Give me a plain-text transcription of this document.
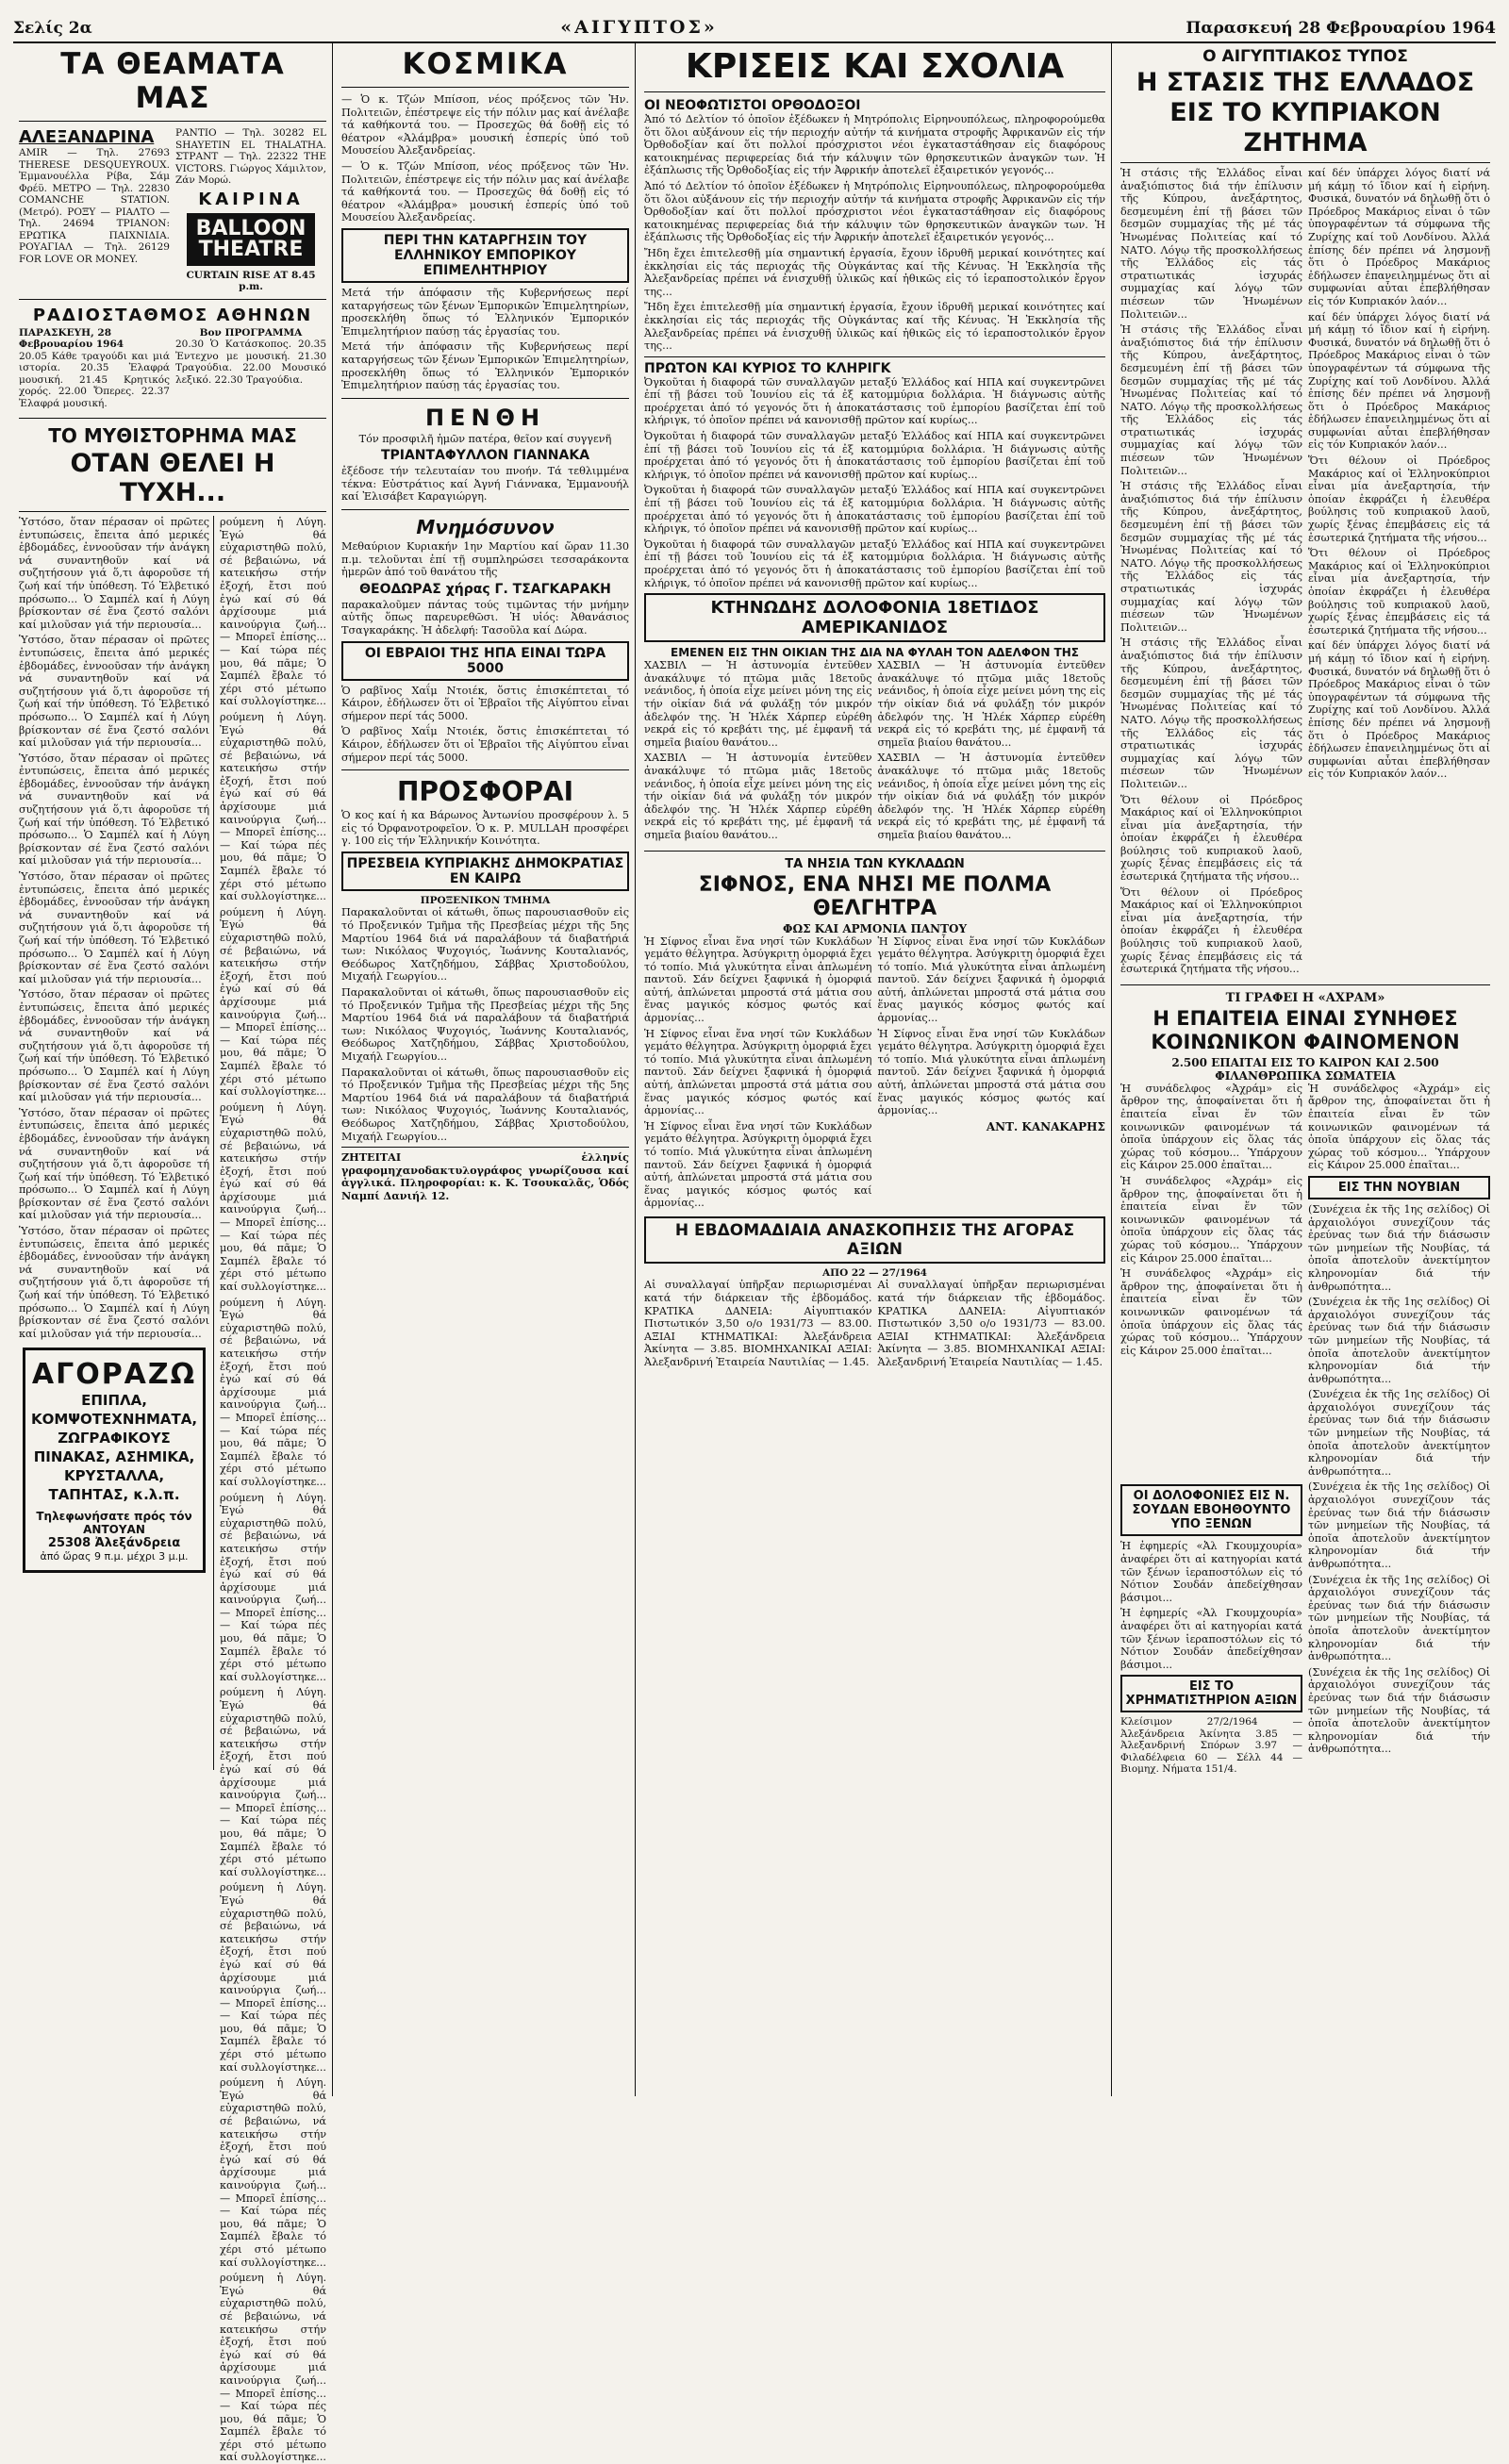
Σελίς 2α	«ΑΙΓΥΠΤΟΣ»	Παρασκευή 28 Φεβρουαρίου 1964
ΤΑ ΘΕΑΜΑΤΑ ΜΑΣ
ΑΛΕΞΑΝΔΡΙΝΑ

AMIR — Τηλ. 27693 THERESE DESQUEYROUX. Ἐμμανουέλλα Ρίβα, Σάμ Φρέϋ. ΜΕΤΡΟ — Τηλ. 22830 COMANCHE STATION. (Μετρό). ΡΟΞΥ — ΡΙΑΛΤΟ — Τηλ. 24694 ΤΡΙΑΝΟΝ: ΕΡΩΤΙΚΑ ΠΑΙΧΝΙΔΙΑ. ΡΟΥΑΓΙΑΛ — Τηλ. 26129 FOR LOVE OR MONEY.

ΡΑΝΤΙΟ — Τηλ. 30282 EL SHAYETIN EL THALATHA. ΣΤΡΑΝΤ — Τηλ. 22322 THE VICTORS. Γιώργος Χάμιλτον, Ζάν Μορώ.

ΚΑΙΡΙΝΑ
BALLOON THEATRE
CURTAIN RISE AT 8.45 p.m.
ΡΑΔΙΟΣΤΑΘΜΟΣ ΑΘΗΝΩΝ
ΠΑΡΑΣΚΕΥΗ, 28 Φεβρουαρίου 1964

20.05 Κάθε τραγούδι και μιά ιστορία. 20.35 Ἐλαφρά μουσική. 21.45 Κρητικός χορός. 22.00 Ὄπερες. 22.37 Ἐλαφρά μουσική.

Βον ΠΡΟΓΡΑΜΜΑ

20.30 Ὁ Κατάσκοπος. 20.35 Ἐντεχνο με μουσική. 21.30 Τραγούδια. 22.00 Μουσικό λεξικό. 22.30 Τραγούδια.

ΤΟ ΜΥΘΙΣΤΟΡΗΜΑ ΜΑΣ
ΟΤΑΝ ΘΕΛΕΙ Η ΤΥΧΗ...

Ὑστόσο, ὅταν πέρασαν οἱ πρῶτες ἐντυπώσεις, ἔπειτα ἀπό μερικές ἑβδομάδες, ἐννοοῦσαν τήν ἀνάγκη νά συναντηθοῦν καί νά συζητήσουν γιά ὅ,τι ἀφοροῦσε τή ζωή καί τήν ὑπόθεση. Τό Ἐλβετικό πρόσωπο... Ὁ Σαμπέλ καί ἡ Λύγη βρίσκονταν σέ ἕνα ζεστό σαλόνι καί μιλοῦσαν γιά τήν περιουσία...

Ὑστόσο, ὅταν πέρασαν οἱ πρῶτες ἐντυπώσεις, ἔπειτα ἀπό μερικές ἑβδομάδες, ἐννοοῦσαν τήν ἀνάγκη νά συναντηθοῦν καί νά συζητήσουν γιά ὅ,τι ἀφοροῦσε τή ζωή καί τήν ὑπόθεση. Τό Ἐλβετικό πρόσωπο... Ὁ Σαμπέλ καί ἡ Λύγη βρίσκονταν σέ ἕνα ζεστό σαλόνι καί μιλοῦσαν γιά τήν περιουσία...

Ὑστόσο, ὅταν πέρασαν οἱ πρῶτες ἐντυπώσεις, ἔπειτα ἀπό μερικές ἑβδομάδες, ἐννοοῦσαν τήν ἀνάγκη νά συναντηθοῦν καί νά συζητήσουν γιά ὅ,τι ἀφοροῦσε τή ζωή καί τήν ὑπόθεση. Τό Ἐλβετικό πρόσωπο... Ὁ Σαμπέλ καί ἡ Λύγη βρίσκονταν σέ ἕνα ζεστό σαλόνι καί μιλοῦσαν γιά τήν περιουσία...

Ὑστόσο, ὅταν πέρασαν οἱ πρῶτες ἐντυπώσεις, ἔπειτα ἀπό μερικές ἑβδομάδες, ἐννοοῦσαν τήν ἀνάγκη νά συναντηθοῦν καί νά συζητήσουν γιά ὅ,τι ἀφοροῦσε τή ζωή καί τήν ὑπόθεση. Τό Ἐλβετικό πρόσωπο... Ὁ Σαμπέλ καί ἡ Λύγη βρίσκονταν σέ ἕνα ζεστό σαλόνι καί μιλοῦσαν γιά τήν περιουσία...

Ὑστόσο, ὅταν πέρασαν οἱ πρῶτες ἐντυπώσεις, ἔπειτα ἀπό μερικές ἑβδομάδες, ἐννοοῦσαν τήν ἀνάγκη νά συναντηθοῦν καί νά συζητήσουν γιά ὅ,τι ἀφοροῦσε τή ζωή καί τήν ὑπόθεση. Τό Ἐλβετικό πρόσωπο... Ὁ Σαμπέλ καί ἡ Λύγη βρίσκονταν σέ ἕνα ζεστό σαλόνι καί μιλοῦσαν γιά τήν περιουσία...

Ὑστόσο, ὅταν πέρασαν οἱ πρῶτες ἐντυπώσεις, ἔπειτα ἀπό μερικές ἑβδομάδες, ἐννοοῦσαν τήν ἀνάγκη νά συναντηθοῦν καί νά συζητήσουν γιά ὅ,τι ἀφοροῦσε τή ζωή καί τήν ὑπόθεση. Τό Ἐλβετικό πρόσωπο... Ὁ Σαμπέλ καί ἡ Λύγη βρίσκονταν σέ ἕνα ζεστό σαλόνι καί μιλοῦσαν γιά τήν περιουσία...

Ὑστόσο, ὅταν πέρασαν οἱ πρῶτες ἐντυπώσεις, ἔπειτα ἀπό μερικές ἑβδομάδες, ἐννοοῦσαν τήν ἀνάγκη νά συναντηθοῦν καί νά συζητήσουν γιά ὅ,τι ἀφοροῦσε τή ζωή καί τήν ὑπόθεση. Τό Ἐλβετικό πρόσωπο... Ὁ Σαμπέλ καί ἡ Λύγη βρίσκονταν σέ ἕνα ζεστό σαλόνι καί μιλοῦσαν γιά τήν περιουσία...

ΑΓΟΡΑΖΩ
ΕΠΙΠΛΑ, ΚΟΜΨΟΤΕΧΝΗΜΑΤΑ, ΖΩΓΡΑΦΙΚΟΥΣ ΠΙΝΑΚΑΣ, ΑΣΗΜΙΚΑ, ΚΡΥΣΤΑΛΛΑ, ΤΑΠΗΤΑΣ, κ.λ.π.
Τηλεφωνήσατε πρός τόν ΑΝΤΟΥΑΝ
25308 Ἀλεξάνδρεια
ἀπό ὥρας 9 π.μ. μέχρι 3 μ.μ.

ρούμενη ἡ Λύγη. Ἐγώ θά εὐχαριστηθῶ πολύ, σέ βεβαιώνω, νά κατεικήσω στήν ἐξοχή, ἔτσι πού ἐγώ καί σύ θά ἀρχίσουμε μιά καινούργια ζωή... — Μπορεῖ ἐπίσης... — Καί τώρα πές μου, θά πᾶμε; Ὁ Σαμπέλ ἔβαλε τό χέρι στό μέτωπο καί συλλογίστηκε...

ρούμενη ἡ Λύγη. Ἐγώ θά εὐχαριστηθῶ πολύ, σέ βεβαιώνω, νά κατεικήσω στήν ἐξοχή, ἔτσι πού ἐγώ καί σύ θά ἀρχίσουμε μιά καινούργια ζωή... — Μπορεῖ ἐπίσης... — Καί τώρα πές μου, θά πᾶμε; Ὁ Σαμπέλ ἔβαλε τό χέρι στό μέτωπο καί συλλογίστηκε...

ρούμενη ἡ Λύγη. Ἐγώ θά εὐχαριστηθῶ πολύ, σέ βεβαιώνω, νά κατεικήσω στήν ἐξοχή, ἔτσι πού ἐγώ καί σύ θά ἀρχίσουμε μιά καινούργια ζωή... — Μπορεῖ ἐπίσης... — Καί τώρα πές μου, θά πᾶμε; Ὁ Σαμπέλ ἔβαλε τό χέρι στό μέτωπο καί συλλογίστηκε...

ρούμενη ἡ Λύγη. Ἐγώ θά εὐχαριστηθῶ πολύ, σέ βεβαιώνω, νά κατεικήσω στήν ἐξοχή, ἔτσι πού ἐγώ καί σύ θά ἀρχίσουμε μιά καινούργια ζωή... — Μπορεῖ ἐπίσης... — Καί τώρα πές μου, θά πᾶμε; Ὁ Σαμπέλ ἔβαλε τό χέρι στό μέτωπο καί συλλογίστηκε...

ρούμενη ἡ Λύγη. Ἐγώ θά εὐχαριστηθῶ πολύ, σέ βεβαιώνω, νά κατεικήσω στήν ἐξοχή, ἔτσι πού ἐγώ καί σύ θά ἀρχίσουμε μιά καινούργια ζωή... — Μπορεῖ ἐπίσης... — Καί τώρα πές μου, θά πᾶμε; Ὁ Σαμπέλ ἔβαλε τό χέρι στό μέτωπο καί συλλογίστηκε...

ρούμενη ἡ Λύγη. Ἐγώ θά εὐχαριστηθῶ πολύ, σέ βεβαιώνω, νά κατεικήσω στήν ἐξοχή, ἔτσι πού ἐγώ καί σύ θά ἀρχίσουμε μιά καινούργια ζωή... — Μπορεῖ ἐπίσης... — Καί τώρα πές μου, θά πᾶμε; Ὁ Σαμπέλ ἔβαλε τό χέρι στό μέτωπο καί συλλογίστηκε...

ρούμενη ἡ Λύγη. Ἐγώ θά εὐχαριστηθῶ πολύ, σέ βεβαιώνω, νά κατεικήσω στήν ἐξοχή, ἔτσι πού ἐγώ καί σύ θά ἀρχίσουμε μιά καινούργια ζωή... — Μπορεῖ ἐπίσης... — Καί τώρα πές μου, θά πᾶμε; Ὁ Σαμπέλ ἔβαλε τό χέρι στό μέτωπο καί συλλογίστηκε...

ρούμενη ἡ Λύγη. Ἐγώ θά εὐχαριστηθῶ πολύ, σέ βεβαιώνω, νά κατεικήσω στήν ἐξοχή, ἔτσι πού ἐγώ καί σύ θά ἀρχίσουμε μιά καινούργια ζωή... — Μπορεῖ ἐπίσης... — Καί τώρα πές μου, θά πᾶμε; Ὁ Σαμπέλ ἔβαλε τό χέρι στό μέτωπο καί συλλογίστηκε...

ρούμενη ἡ Λύγη. Ἐγώ θά εὐχαριστηθῶ πολύ, σέ βεβαιώνω, νά κατεικήσω στήν ἐξοχή, ἔτσι πού ἐγώ καί σύ θά ἀρχίσουμε μιά καινούργια ζωή... — Μπορεῖ ἐπίσης... — Καί τώρα πές μου, θά πᾶμε; Ὁ Σαμπέλ ἔβαλε τό χέρι στό μέτωπο καί συλλογίστηκε...

ρούμενη ἡ Λύγη. Ἐγώ θά εὐχαριστηθῶ πολύ, σέ βεβαιώνω, νά κατεικήσω στήν ἐξοχή, ἔτσι πού ἐγώ καί σύ θά ἀρχίσουμε μιά καινούργια ζωή... — Μπορεῖ ἐπίσης... — Καί τώρα πές μου, θά πᾶμε; Ὁ Σαμπέλ ἔβαλε τό χέρι στό μέτωπο καί συλλογίστηκε...

ΚΟΣΜΙΚΑ

— Ὁ κ. Τζών Μπίσοπ, νέος πρόξενος τῶν Ἡν. Πολιτειῶν, ἐπέστρεψε εἰς τήν πόλιν μας καί ἀνέλαβε τά καθήκοντά του. — Προσεχῶς θά δοθῇ εἰς τό θέατρον «Ἀλάμβρα» μουσική ἑσπερίς ὑπό τοῦ Μουσείου Ἀλεξανδρείας.

— Ὁ κ. Τζών Μπίσοπ, νέος πρόξενος τῶν Ἡν. Πολιτειῶν, ἐπέστρεψε εἰς τήν πόλιν μας καί ἀνέλαβε τά καθήκοντά του. — Προσεχῶς θά δοθῇ εἰς τό θέατρον «Ἀλάμβρα» μουσική ἑσπερίς ὑπό τοῦ Μουσείου Ἀλεξανδρείας.

ΠΕΡΙ ΤΗΝ ΚΑΤΑΡΓΗΣΙΝ ΤΟΥ ΕΛΛΗΝΙΚΟΥ ΕΜΠΟΡΙΚΟΥ ΕΠΙΜΕΛΗΤΗΡΙΟΥ

Μετά τήν ἀπόφασιν τῆς Κυβερνήσεως περί καταργήσεως τῶν ξένων Ἐμπορικῶν Ἐπιμελητηρίων, προσεκλήθη ὅπως τό Ἑλληνικόν Ἐμπορικόν Ἐπιμελητήριον παύσῃ τάς ἐργασίας του.

Μετά τήν ἀπόφασιν τῆς Κυβερνήσεως περί καταργήσεως τῶν ξένων Ἐμπορικῶν Ἐπιμελητηρίων, προσεκλήθη ὅπως τό Ἑλληνικόν Ἐμπορικόν Ἐπιμελητήριον παύσῃ τάς ἐργασίας του.

ΠΕΝΘΗ

Τόν προσφιλῆ ἡμῶν πατέρα, θεῖον καί συγγενῆ

ΤΡΙΑΝΤΑΦΥΛΛΟΝ ΓΙΑΝΝΑΚΑ

ἐξέδοσε τήν τελευταίαν του πνοήν. Τά τεθλιμμένα τέκνα: Εὐστράτιος καί Ἀγνή Γιάννακα, Ἐμμανουήλ καί Ἐλισάβετ Καραγιώργη.

Μνημόσυνον

Μεθαύριον Κυριακήν 1ην Μαρτίου καί ὥραν 11.30 π.μ. τελοῦνται ἐπί τῇ συμπληρώσει τεσσαράκοντα ἡμερῶν ἀπό τοῦ θανάτου τῆς

ΘΕΟΔΩΡΑΣ χήρας Γ. ΤΣΑΓΚΑΡΑΚΗ

παρακαλοῦμεν πάντας τούς τιμῶντας τήν μνήμην αὐτῆς ὅπως παρευρεθῶσι. Ἡ υἱός: Ἀθανάσιος Τσαγκαράκης. Ἡ ἀδελφή: Τασοῦλα καί Δώρα.

ΟΙ ΕΒΡΑΙΟΙ ΤΗΣ ΗΠΑ ΕΙΝΑΙ ΤΩΡΑ 5000

Ὁ ραβῖνος Χαΐμ Ντοιέκ, ὅστις ἐπισκέπτεται τό Κάιρον, ἐδήλωσεν ὅτι οἱ Ἑβραῖοι τῆς Αἰγύπτου εἶναι σήμερον περί τάς 5000.

Ὁ ραβῖνος Χαΐμ Ντοιέκ, ὅστις ἐπισκέπτεται τό Κάιρον, ἐδήλωσεν ὅτι οἱ Ἑβραῖοι τῆς Αἰγύπτου εἶναι σήμερον περί τάς 5000.

ΠΡΟΣΦΟΡΑΙ

Ὁ κος καί ἡ κα Βάρωνος Ἀντωνίου προσφέρουν λ. 5 εἰς τό Ὀρφανοτροφεῖον. Ὁ κ. Ρ. MULLAH προσφέρει γ. 100 εἰς τήν Ἑλληνικήν Κοινότητα.

ΠΡΕΣΒΕΙΑ ΚΥΠΡΙΑΚΗΣ ΔΗΜΟΚΡΑΤΙΑΣ ΕΝ ΚΑΙΡΩ
ΠΡΟΞΕΝΙΚΟΝ ΤΜΗΜΑ

Παρακαλοῦνται οἱ κάτωθι, ὅπως παρουσιασθοῦν εἰς τό Προξενικόν Τμῆμα τῆς Πρεσβείας μέχρι τῆς 5ης Μαρτίου 1964 διά νά παραλάβουν τά διαβατήριά των: Νικόλαος Ψυχογιός, Ἰωάννης Κουταλιανός, Θεόδωρος Χατζηδήμου, Σάββας Χριστοδούλου, Μιχαήλ Γεωργίου...

Παρακαλοῦνται οἱ κάτωθι, ὅπως παρουσιασθοῦν εἰς τό Προξενικόν Τμῆμα τῆς Πρεσβείας μέχρι τῆς 5ης Μαρτίου 1964 διά νά παραλάβουν τά διαβατήριά των: Νικόλαος Ψυχογιός, Ἰωάννης Κουταλιανός, Θεόδωρος Χατζηδήμου, Σάββας Χριστοδούλου, Μιχαήλ Γεωργίου...

Παρακαλοῦνται οἱ κάτωθι, ὅπως παρουσιασθοῦν εἰς τό Προξενικόν Τμῆμα τῆς Πρεσβείας μέχρι τῆς 5ης Μαρτίου 1964 διά νά παραλάβουν τά διαβατήριά των: Νικόλαος Ψυχογιός, Ἰωάννης Κουταλιανός, Θεόδωρος Χατζηδήμου, Σάββας Χριστοδούλου, Μιχαήλ Γεωργίου...

ΖΗΤΕΙΤΑΙ ἑλληνίς γραφομηχανοδακτυλογράφος γνωρίζουσα καί ἀγγλικά. Πληροφορίαι: κ. Κ. Τσουκαλᾶς, Ὁδός Ναμπί Δανιήλ 12.

ΚΡΙΣΕΙΣ ΚΑΙ ΣΧΟΛΙΑ
ΟΙ ΝΕΟΦΩΤΙΣΤΟΙ ΟΡΘΟΔΟΞΟΙ

Ἀπό τό Δελτίον τό ὁποῖον ἐξέδωκεν ἡ Μητρόπολις Εἰρηνουπόλεως, πληροφορούμεθα ὅτι ὅλοι αὐξάνουν εἰς τήν περιοχήν αὐτήν τά κινήματα στροφῆς Ἀφρικανῶν εἰς τήν Ὀρθοδοξίαν καί ὅτι πολλοί πρόσχριστοι νέοι ἐγκαταστάθησαν εἰς διαφόρους κατοικημένας περιφερείας διά τήν κάλυψιν τῶν θρησκευτικῶν ἀναγκῶν των. Ἡ ἐξάπλωσις τῆς Ὀρθοδοξίας εἰς τήν Ἀφρικήν ἀποτελεῖ ἐξαιρετικόν γεγονός...

Ἀπό τό Δελτίον τό ὁποῖον ἐξέδωκεν ἡ Μητρόπολις Εἰρηνουπόλεως, πληροφορούμεθα ὅτι ὅλοι αὐξάνουν εἰς τήν περιοχήν αὐτήν τά κινήματα στροφῆς Ἀφρικανῶν εἰς τήν Ὀρθοδοξίαν καί ὅτι πολλοί πρόσχριστοι νέοι ἐγκαταστάθησαν εἰς διαφόρους κατοικημένας περιφερείας διά τήν κάλυψιν τῶν θρησκευτικῶν ἀναγκῶν των. Ἡ ἐξάπλωσις τῆς Ὀρθοδοξίας εἰς τήν Ἀφρικήν ἀποτελεῖ ἐξαιρετικόν γεγονός...

Ἤδη ἔχει ἐπιτελεσθῇ μία σημαντική ἐργασία, ἔχουν ἱδρυθῆ μερικαί κοινότητες καί ἐκκλησίαι εἰς τάς περιοχάς τῆς Οὐγκάντας καί τῆς Κένυας. Ἡ Ἐκκλησία τῆς Ἀλεξανδρείας πρέπει νά ἐνισχυθῇ ὑλικῶς καί ἠθικῶς εἰς τό ἱεραποστολικόν ἔργον της...

Ἤδη ἔχει ἐπιτελεσθῇ μία σημαντική ἐργασία, ἔχουν ἱδρυθῆ μερικαί κοινότητες καί ἐκκλησίαι εἰς τάς περιοχάς τῆς Οὐγκάντας καί τῆς Κένυας. Ἡ Ἐκκλησία τῆς Ἀλεξανδρείας πρέπει νά ἐνισχυθῇ ὑλικῶς καί ἠθικῶς εἰς τό ἱεραποστολικόν ἔργον της...

ΠΡΩΤΟΝ ΚΑΙ ΚΥΡΙΟΣ ΤΟ ΚΛΗΡΙΓΚ

Ὀγκοῦται ἡ διαφορά τῶν συναλλαγῶν μεταξύ Ἑλλάδος καί ΗΠΑ καί συγκεντρῶνει ἐπί τῇ βάσει τοῦ Ἰουνίου εἰς τά ἐξ κατομμύρια δολλάρια. Ἡ διάγνωσις αὐτῆς προέρχεται ἀπό τό γεγονός ὅτι ἡ ἀποκατάστασις τοῦ ἐμπορίου βασίζεται ἐπί τοῦ κλήριγκ, τό ὁποῖον πρέπει νά κανονισθῇ πρῶτον καί κυρίως...

Ὀγκοῦται ἡ διαφορά τῶν συναλλαγῶν μεταξύ Ἑλλάδος καί ΗΠΑ καί συγκεντρῶνει ἐπί τῇ βάσει τοῦ Ἰουνίου εἰς τά ἐξ κατομμύρια δολλάρια. Ἡ διάγνωσις αὐτῆς προέρχεται ἀπό τό γεγονός ὅτι ἡ ἀποκατάστασις τοῦ ἐμπορίου βασίζεται ἐπί τοῦ κλήριγκ, τό ὁποῖον πρέπει νά κανονισθῇ πρῶτον καί κυρίως...

Ὀγκοῦται ἡ διαφορά τῶν συναλλαγῶν μεταξύ Ἑλλάδος καί ΗΠΑ καί συγκεντρῶνει ἐπί τῇ βάσει τοῦ Ἰουνίου εἰς τά ἐξ κατομμύρια δολλάρια. Ἡ διάγνωσις αὐτῆς προέρχεται ἀπό τό γεγονός ὅτι ἡ ἀποκατάστασις τοῦ ἐμπορίου βασίζεται ἐπί τοῦ κλήριγκ, τό ὁποῖον πρέπει νά κανονισθῇ πρῶτον καί κυρίως...

Ὀγκοῦται ἡ διαφορά τῶν συναλλαγῶν μεταξύ Ἑλλάδος καί ΗΠΑ καί συγκεντρῶνει ἐπί τῇ βάσει τοῦ Ἰουνίου εἰς τά ἐξ κατομμύρια δολλάρια. Ἡ διάγνωσις αὐτῆς προέρχεται ἀπό τό γεγονός ὅτι ἡ ἀποκατάστασις τοῦ ἐμπορίου βασίζεται ἐπί τοῦ κλήριγκ, τό ὁποῖον πρέπει νά κανονισθῇ πρῶτον καί κυρίως...

ΚΤΗΝΩΔΗΣ ΔΟΛΟΦΟΝΙΑ 18ΕΤΙΔΟΣ ΑΜΕΡΙΚΑΝΙΔΟΣ
ΕΜΕΝΕΝ ΕΙΣ ΤΗΝ ΟΙΚΙΑΝ ΤΗΣ ΔΙΑ ΝΑ ΦΥΛΑΗ ΤΟΝ ΑΔΕΛΦΟΝ ΤΗΣ

ΧΑΣΒΙΛ — Ἡ ἀστυνομία ἐντεῦθεν ἀνακάλυψε τό πτῶμα μιᾶς 18ετοῦς νεάνιδος, ἡ ὁποία εἶχε μείνει μόνη της εἰς τήν οἰκίαν διά νά φυλάξῃ τόν μικρόν ἀδελφόν της. Ἡ Ἡλέκ Χάρπερ εὑρέθη νεκρά εἰς τό κρεβάτι της, μέ ἐμφανῆ τά σημεῖα βιαίου θανάτου...

ΧΑΣΒΙΛ — Ἡ ἀστυνομία ἐντεῦθεν ἀνακάλυψε τό πτῶμα μιᾶς 18ετοῦς νεάνιδος, ἡ ὁποία εἶχε μείνει μόνη της εἰς τήν οἰκίαν διά νά φυλάξῃ τόν μικρόν ἀδελφόν της. Ἡ Ἡλέκ Χάρπερ εὑρέθη νεκρά εἰς τό κρεβάτι της, μέ ἐμφανῆ τά σημεῖα βιαίου θανάτου...

ΧΑΣΒΙΛ — Ἡ ἀστυνομία ἐντεῦθεν ἀνακάλυψε τό πτῶμα μιᾶς 18ετοῦς νεάνιδος, ἡ ὁποία εἶχε μείνει μόνη της εἰς τήν οἰκίαν διά νά φυλάξῃ τόν μικρόν ἀδελφόν της. Ἡ Ἡλέκ Χάρπερ εὑρέθη νεκρά εἰς τό κρεβάτι της, μέ ἐμφανῆ τά σημεῖα βιαίου θανάτου...

ΧΑΣΒΙΛ — Ἡ ἀστυνομία ἐντεῦθεν ἀνακάλυψε τό πτῶμα μιᾶς 18ετοῦς νεάνιδος, ἡ ὁποία εἶχε μείνει μόνη της εἰς τήν οἰκίαν διά νά φυλάξῃ τόν μικρόν ἀδελφόν της. Ἡ Ἡλέκ Χάρπερ εὑρέθη νεκρά εἰς τό κρεβάτι της, μέ ἐμφανῆ τά σημεῖα βιαίου θανάτου...

ΤΑ ΝΗΣΙΑ ΤΩΝ ΚΥΚΛΑΔΩΝ
ΣΙΦΝΟΣ, ΕΝΑ ΝΗΣΙ ΜΕ ΠΟΛΜΑ ΘΕΛΓΗΤΡΑ
ΦΩΣ ΚΑΙ ΑΡΜΟΝΙΑ ΠΑΝΤΟΥ

Ἡ Σίφνος εἶναι ἕνα νησί τῶν Κυκλάδων γεμάτο θέλγητρα. Ἀσύγκριτη ὀμορφιά ἔχει τό τοπίο. Μιά γλυκύτητα εἶναι ἁπλωμένη παντοῦ. Σάν δείχνει ξαφνικά ἡ ὀμορφιά αὐτή, ἀπλώνεται μπροστά στά μάτια σου ἕνας μαγικός κόσμος φωτός καί ἁρμονίας...

Ἡ Σίφνος εἶναι ἕνα νησί τῶν Κυκλάδων γεμάτο θέλγητρα. Ἀσύγκριτη ὀμορφιά ἔχει τό τοπίο. Μιά γλυκύτητα εἶναι ἁπλωμένη παντοῦ. Σάν δείχνει ξαφνικά ἡ ὀμορφιά αὐτή, ἀπλώνεται μπροστά στά μάτια σου ἕνας μαγικός κόσμος φωτός καί ἁρμονίας...

Ἡ Σίφνος εἶναι ἕνα νησί τῶν Κυκλάδων γεμάτο θέλγητρα. Ἀσύγκριτη ὀμορφιά ἔχει τό τοπίο. Μιά γλυκύτητα εἶναι ἁπλωμένη παντοῦ. Σάν δείχνει ξαφνικά ἡ ὀμορφιά αὐτή, ἀπλώνεται μπροστά στά μάτια σου ἕνας μαγικός κόσμος φωτός καί ἁρμονίας...

Ἡ Σίφνος εἶναι ἕνα νησί τῶν Κυκλάδων γεμάτο θέλγητρα. Ἀσύγκριτη ὀμορφιά ἔχει τό τοπίο. Μιά γλυκύτητα εἶναι ἁπλωμένη παντοῦ. Σάν δείχνει ξαφνικά ἡ ὀμορφιά αὐτή, ἀπλώνεται μπροστά στά μάτια σου ἕνας μαγικός κόσμος φωτός καί ἁρμονίας...

Ἡ Σίφνος εἶναι ἕνα νησί τῶν Κυκλάδων γεμάτο θέλγητρα. Ἀσύγκριτη ὀμορφιά ἔχει τό τοπίο. Μιά γλυκύτητα εἶναι ἁπλωμένη παντοῦ. Σάν δείχνει ξαφνικά ἡ ὀμορφιά αὐτή, ἀπλώνεται μπροστά στά μάτια σου ἕνας μαγικός κόσμος φωτός καί ἁρμονίας...

ΑΝΤ. ΚΑΝΑΚΑΡΗΣ
Η ΕΒΔΟΜΑΔΙΑΙΑ ΑΝΑΣΚΟΠΗΣΙΣ ΤΗΣ ΑΓΟΡΑΣ ΑΞΙΩΝ
ΑΠΟ 22 — 27/1964

Αἱ συναλλαγαί ὑπῆρξαν περιωρισμέναι κατά τήν διάρκειαν τῆς ἑβδομάδος. ΚΡΑΤΙΚΑ ΔΑΝΕΙΑ: Αἰγυπτιακόν Πιστωτικόν 3,50 ο/ο 1931/73 — 83.00. ΑΞΙΑΙ ΚΤΗΜΑΤΙΚΑΙ: Ἀλεξάνδρεια Ἀκίνητα — 3.85. ΒΙΟΜΗΧΑΝΙΚΑΙ ΑΞΙΑΙ: Ἀλεξανδρινή Ἐταιρεία Ναυτιλίας — 1.45.

Αἱ συναλλαγαί ὑπῆρξαν περιωρισμέναι κατά τήν διάρκειαν τῆς ἑβδομάδος. ΚΡΑΤΙΚΑ ΔΑΝΕΙΑ: Αἰγυπτιακόν Πιστωτικόν 3,50 ο/ο 1931/73 — 83.00. ΑΞΙΑΙ ΚΤΗΜΑΤΙΚΑΙ: Ἀλεξάνδρεια Ἀκίνητα — 3.85. ΒΙΟΜΗΧΑΝΙΚΑΙ ΑΞΙΑΙ: Ἀλεξανδρινή Ἐταιρεία Ναυτιλίας — 1.45.

Ο ΑΙΓΥΠΤΙΑΚΟΣ ΤΥΠΟΣ
Η ΣΤΑΣΙΣ ΤΗΣ ΕΛΛΑΔΟΣ ΕΙΣ ΤΟ ΚΥΠΡΙΑΚΟΝ ΖΗΤΗΜΑ

Ἡ στάσις τῆς Ἑλλάδος εἶναι ἀναξιόπιστος διά τήν ἐπίλυσιν τῆς Κύπρου, ἀνεξάρτητος, δεσμευμένη ἐπί τῇ βάσει τῶν δεσμῶν συμμαχίας τῆς μέ τάς Ἡνωμένας Πολιτείας καί τό ΝΑΤΟ. Λόγῳ τῆς προσκολλήσεως τῆς Ἑλλάδος εἰς τάς στρατιωτικάς ἰσχυράς συμμαχίας καί λόγῳ τῶν πιέσεων τῶν Ἡνωμένων Πολιτειῶν...

Ἡ στάσις τῆς Ἑλλάδος εἶναι ἀναξιόπιστος διά τήν ἐπίλυσιν τῆς Κύπρου, ἀνεξάρτητος, δεσμευμένη ἐπί τῇ βάσει τῶν δεσμῶν συμμαχίας τῆς μέ τάς Ἡνωμένας Πολιτείας καί τό ΝΑΤΟ. Λόγῳ τῆς προσκολλήσεως τῆς Ἑλλάδος εἰς τάς στρατιωτικάς ἰσχυράς συμμαχίας καί λόγῳ τῶν πιέσεων τῶν Ἡνωμένων Πολιτειῶν...

Ἡ στάσις τῆς Ἑλλάδος εἶναι ἀναξιόπιστος διά τήν ἐπίλυσιν τῆς Κύπρου, ἀνεξάρτητος, δεσμευμένη ἐπί τῇ βάσει τῶν δεσμῶν συμμαχίας τῆς μέ τάς Ἡνωμένας Πολιτείας καί τό ΝΑΤΟ. Λόγῳ τῆς προσκολλήσεως τῆς Ἑλλάδος εἰς τάς στρατιωτικάς ἰσχυράς συμμαχίας καί λόγῳ τῶν πιέσεων τῶν Ἡνωμένων Πολιτειῶν...

Ἡ στάσις τῆς Ἑλλάδος εἶναι ἀναξιόπιστος διά τήν ἐπίλυσιν τῆς Κύπρου, ἀνεξάρτητος, δεσμευμένη ἐπί τῇ βάσει τῶν δεσμῶν συμμαχίας τῆς μέ τάς Ἡνωμένας Πολιτείας καί τό ΝΑΤΟ. Λόγῳ τῆς προσκολλήσεως τῆς Ἑλλάδος εἰς τάς στρατιωτικάς ἰσχυράς συμμαχίας καί λόγῳ τῶν πιέσεων τῶν Ἡνωμένων Πολιτειῶν...

Ὅτι θέλουν οἱ Πρόεδρος Μακάριος καί οἱ Ἑλληνοκύπριοι εἶναι μία ἀνεξαρτησία, τήν ὁποίαν ἐκφράζει ἡ ἐλευθέρα βούλησις τοῦ κυπριακοῦ λαοῦ, χωρίς ξένας ἐπεμβάσεις εἰς τά ἐσωτερικά ζητήματα τῆς νήσου...

Ὅτι θέλουν οἱ Πρόεδρος Μακάριος καί οἱ Ἑλληνοκύπριοι εἶναι μία ἀνεξαρτησία, τήν ὁποίαν ἐκφράζει ἡ ἐλευθέρα βούλησις τοῦ κυπριακοῦ λαοῦ, χωρίς ξένας ἐπεμβάσεις εἰς τά ἐσωτερικά ζητήματα τῆς νήσου...

καί δέν ὑπάρχει λόγος διατί νά μή κάμῃ τό ἴδιον καί ἡ εἰρήνη. Φυσικά, δυνατόν νά δηλωθῇ ὅτι ὁ Πρόεδρος Μακάριος εἶναι ὁ τῶν ὑπογραφέντων τά σύμφωνα τῆς Ζυρίχης καί τοῦ Λονδίνου. Ἀλλά ἐπίσης δέν πρέπει νά λησμονῇ ὅτι ὁ Πρόεδρος Μακάριος ἐδήλωσεν ἐπανειλημμένως ὅτι αἱ συμφωνίαι αὗται ἐπεβλήθησαν εἰς τόν Κυπριακόν λαόν...

καί δέν ὑπάρχει λόγος διατί νά μή κάμῃ τό ἴδιον καί ἡ εἰρήνη. Φυσικά, δυνατόν νά δηλωθῇ ὅτι ὁ Πρόεδρος Μακάριος εἶναι ὁ τῶν ὑπογραφέντων τά σύμφωνα τῆς Ζυρίχης καί τοῦ Λονδίνου. Ἀλλά ἐπίσης δέν πρέπει νά λησμονῇ ὅτι ὁ Πρόεδρος Μακάριος ἐδήλωσεν ἐπανειλημμένως ὅτι αἱ συμφωνίαι αὗται ἐπεβλήθησαν εἰς τόν Κυπριακόν λαόν...

Ὅτι θέλουν οἱ Πρόεδρος Μακάριος καί οἱ Ἑλληνοκύπριοι εἶναι μία ἀνεξαρτησία, τήν ὁποίαν ἐκφράζει ἡ ἐλευθέρα βούλησις τοῦ κυπριακοῦ λαοῦ, χωρίς ξένας ἐπεμβάσεις εἰς τά ἐσωτερικά ζητήματα τῆς νήσου...

Ὅτι θέλουν οἱ Πρόεδρος Μακάριος καί οἱ Ἑλληνοκύπριοι εἶναι μία ἀνεξαρτησία, τήν ὁποίαν ἐκφράζει ἡ ἐλευθέρα βούλησις τοῦ κυπριακοῦ λαοῦ, χωρίς ξένας ἐπεμβάσεις εἰς τά ἐσωτερικά ζητήματα τῆς νήσου...

καί δέν ὑπάρχει λόγος διατί νά μή κάμῃ τό ἴδιον καί ἡ εἰρήνη. Φυσικά, δυνατόν νά δηλωθῇ ὅτι ὁ Πρόεδρος Μακάριος εἶναι ὁ τῶν ὑπογραφέντων τά σύμφωνα τῆς Ζυρίχης καί τοῦ Λονδίνου. Ἀλλά ἐπίσης δέν πρέπει νά λησμονῇ ὅτι ὁ Πρόεδρος Μακάριος ἐδήλωσεν ἐπανειλημμένως ὅτι αἱ συμφωνίαι αὗται ἐπεβλήθησαν εἰς τόν Κυπριακόν λαόν...

ΤΙ ΓΡΑΦΕΙ Η «ΑΧΡΑΜ»
Η ΕΠΑΙΤΕΙΑ ΕΙΝΑΙ ΣΥΝΗΘΕΣ ΚΟΙΝΩΝΙΚΟΝ ΦΑΙΝΟΜΕΝΟΝ
2.500 ΕΠΑΙΤΑΙ ΕΙΣ ΤΟ ΚΑΙΡΟΝ ΚΑΙ 2.500 ΦΙΛΑΝΘΡΩΠΙΚΑ ΣΩΜΑΤΕΙΑ

Ἡ συνάδελφος «Ἀχράμ» εἰς ἄρθρον της, ἀποφαίνεται ὅτι ἡ ἐπαιτεία εἶναι ἕν τῶν κοινωνικῶν φαινομένων τά ὁποῖα ὑπάρχουν εἰς ὅλας τάς χώρας τοῦ κόσμου... Ὑπάρχουν εἰς Κάιρον 25.000 ἐπαῖται...

Ἡ συνάδελφος «Ἀχράμ» εἰς ἄρθρον της, ἀποφαίνεται ὅτι ἡ ἐπαιτεία εἶναι ἕν τῶν κοινωνικῶν φαινομένων τά ὁποῖα ὑπάρχουν εἰς ὅλας τάς χώρας τοῦ κόσμου... Ὑπάρχουν εἰς Κάιρον 25.000 ἐπαῖται...

Ἡ συνάδελφος «Ἀχράμ» εἰς ἄρθρον της, ἀποφαίνεται ὅτι ἡ ἐπαιτεία εἶναι ἕν τῶν κοινωνικῶν φαινομένων τά ὁποῖα ὑπάρχουν εἰς ὅλας τάς χώρας τοῦ κόσμου... Ὑπάρχουν εἰς Κάιρον 25.000 ἐπαῖται...

Ἡ συνάδελφος «Ἀχράμ» εἰς ἄρθρον της, ἀποφαίνεται ὅτι ἡ ἐπαιτεία εἶναι ἕν τῶν κοινωνικῶν φαινομένων τά ὁποῖα ὑπάρχουν εἰς ὅλας τάς χώρας τοῦ κόσμου... Ὑπάρχουν εἰς Κάιρον 25.000 ἐπαῖται...

ΕΙΣ ΤΗΝ ΝΟΥΒΙΑΝ

(Συνέχεια ἐκ τῆς 1ης σελίδος) Οἱ ἀρχαιολόγοι συνεχίζουν τάς ἐρεύνας των διά τήν διάσωσιν τῶν μνημείων τῆς Νουβίας, τά ὁποῖα ἀποτελοῦν ἀνεκτίμητον κληρονομίαν διά τήν ἀνθρωπότητα...

(Συνέχεια ἐκ τῆς 1ης σελίδος) Οἱ ἀρχαιολόγοι συνεχίζουν τάς ἐρεύνας των διά τήν διάσωσιν τῶν μνημείων τῆς Νουβίας, τά ὁποῖα ἀποτελοῦν ἀνεκτίμητον κληρονομίαν διά τήν ἀνθρωπότητα...

(Συνέχεια ἐκ τῆς 1ης σελίδος) Οἱ ἀρχαιολόγοι συνεχίζουν τάς ἐρεύνας των διά τήν διάσωσιν τῶν μνημείων τῆς Νουβίας, τά ὁποῖα ἀποτελοῦν ἀνεκτίμητον κληρονομίαν διά τήν ἀνθρωπότητα...

ΟΙ ΔΟΛΟΦΟΝΙΕΣ ΕΙΣ Ν. ΣΟΥΔΑΝ ΕΒΟΗΘΟΥΝΤΟ ΥΠΟ ΞΕΝΩΝ

Ἡ ἐφημερίς «Ἀλ Γκουμχουρία» ἀναφέρει ὅτι αἱ κατηγορίαι κατά τῶν ξένων ἱεραποστόλων εἰς τό Νότιον Σουδάν ἀπεδείχθησαν βάσιμοι...

Ἡ ἐφημερίς «Ἀλ Γκουμχουρία» ἀναφέρει ὅτι αἱ κατηγορίαι κατά τῶν ξένων ἱεραποστόλων εἰς τό Νότιον Σουδάν ἀπεδείχθησαν βάσιμοι...

ΕΙΣ ΤΟ ΧΡΗΜΑΤΙΣΤΗΡΙΟΝ ΑΞΙΩΝ

Κλείσιμον 27/2/1964 — Ἀλεξάνδρεια Ἀκίνητα 3.85 — Ἀλεξανδρινή Σπόρων 3.97 — Φιλαδέλφεια 60 — Σέλλ 44 — Βιομηχ. Νήματα 151/4.

(Συνέχεια ἐκ τῆς 1ης σελίδος) Οἱ ἀρχαιολόγοι συνεχίζουν τάς ἐρεύνας των διά τήν διάσωσιν τῶν μνημείων τῆς Νουβίας, τά ὁποῖα ἀποτελοῦν ἀνεκτίμητον κληρονομίαν διά τήν ἀνθρωπότητα...

(Συνέχεια ἐκ τῆς 1ης σελίδος) Οἱ ἀρχαιολόγοι συνεχίζουν τάς ἐρεύνας των διά τήν διάσωσιν τῶν μνημείων τῆς Νουβίας, τά ὁποῖα ἀποτελοῦν ἀνεκτίμητον κληρονομίαν διά τήν ἀνθρωπότητα...

(Συνέχεια ἐκ τῆς 1ης σελίδος) Οἱ ἀρχαιολόγοι συνεχίζουν τάς ἐρεύνας των διά τήν διάσωσιν τῶν μνημείων τῆς Νουβίας, τά ὁποῖα ἀποτελοῦν ἀνεκτίμητον κληρονομίαν διά τήν ἀνθρωπότητα...
